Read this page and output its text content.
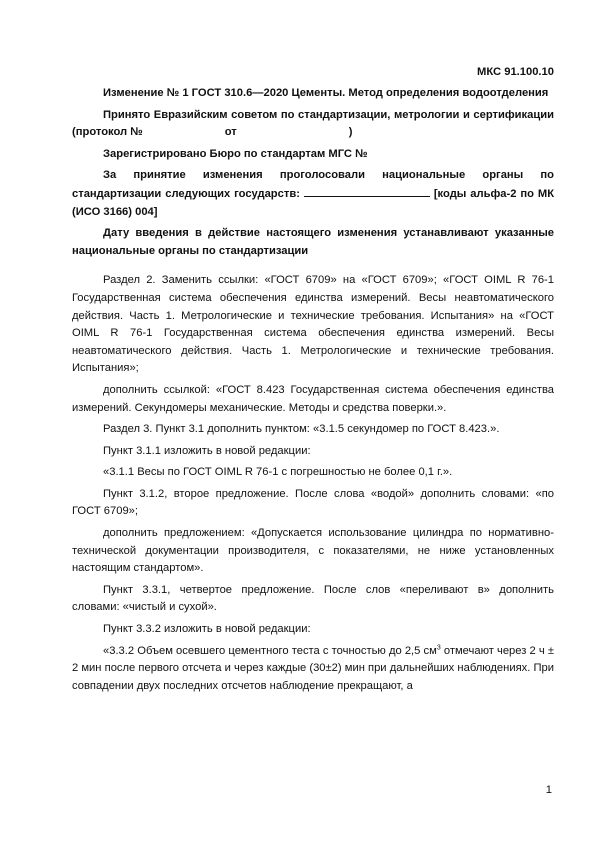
МКС 91.100.10

Изменение № 1 ГОСТ 310.6—2020 Цементы. Метод определения водоотделения

Принято Евразийским советом по стандартизации, метрологии и сертификации (протокол №	от	)

Зарегистрировано Бюро по стандартам МГС №

За принятие изменения проголосовали национальные органы по стандартизации следующих государств:	[коды альфа-2 по МК (ИСО 3166) 004]

Дату введения в действие настоящего изменения устанавливают указанные национальные органы по стандартизации

Раздел 2. Заменить ссылки: «ГОСТ 6709» на «ГОСТ 6709»; «ГОСТ OIML R 76-1 Государственная система обеспечения единства измерений. Весы неавтоматического действия. Часть 1. Метрологические и технические требования. Испытания» на «ГОСТ OIML R 76-1 Государственная система обеспечения единства измерений. Весы неавтоматического действия. Часть 1. Метрологические и технические требования. Испытания»;

дополнить ссылкой: «ГОСТ 8.423 Государственная система обеспечения единства измерений. Секундомеры механические. Методы и средства поверки.».

Раздел 3. Пункт 3.1 дополнить пунктом: «3.1.5 секундомер по ГОСТ 8.423.».

Пункт 3.1.1 изложить в новой редакции:

«3.1.1 Весы по ГОСТ OIML R 76-1 с погрешностью не более 0,1 г.».

Пункт 3.1.2, второе предложение. После слова «водой» дополнить словами: «по ГОСТ 6709»;

дополнить предложением: «Допускается использование цилиндра по нормативно-технической документации производителя, с показателями, не ниже установленных настоящим стандартом».

Пункт 3.3.1, четвертое предложение. После слов «переливают в» дополнить словами: «чистый и сухой».

Пункт 3.3.2 изложить в новой редакции:

«3.3.2 Объем осевшего цементного теста с точностью до 2,5 $см^3$ отмечают через 2 ч ± 2 мин после первого отсчета и через каждые (30±2) мин при дальнейших наблюдениях. При совпадении двух последних отсчетов наблюдение прекращают, а

1
